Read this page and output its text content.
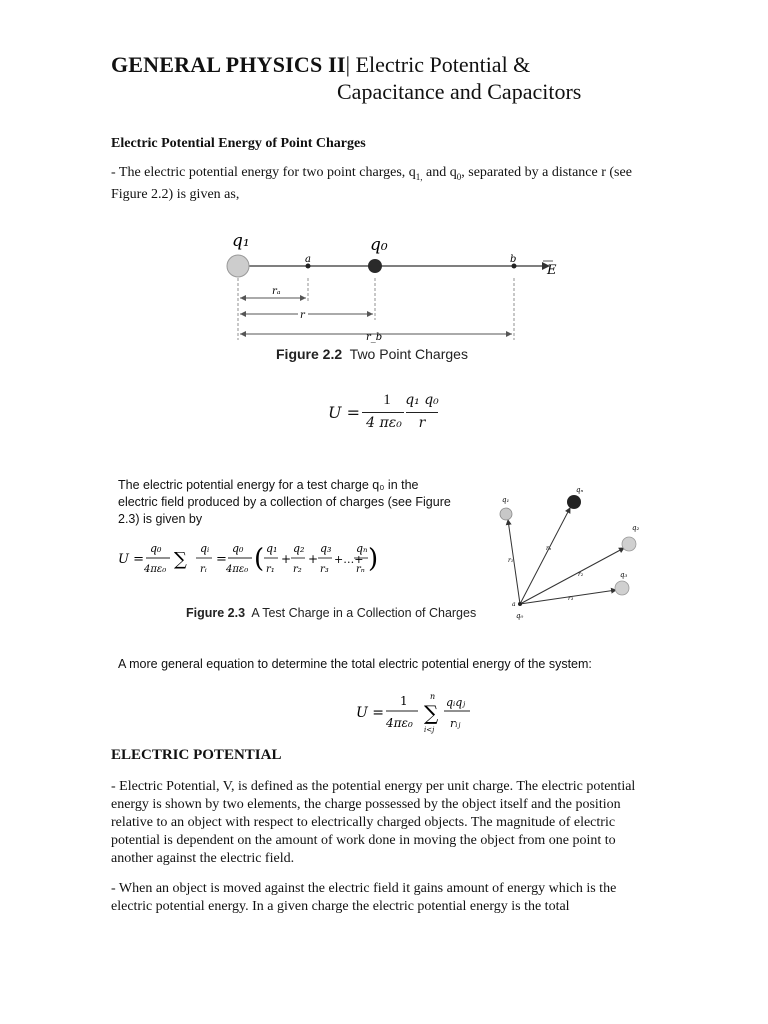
GENERAL PHYSICS II| Electric Potential &
Capacitance and Capacitors
Electric Potential Energy of Point Charges
- The electric potential energy for two point charges, $q_{1,}$ and $q_0$, separated by a distance r (see Figure 2.2) is given as,
q₁	q₀
a	b
E
rₐ
r
r_b
Figure 2.2 Two Point Charges
U =
1
4 πε₀
q₁ q₀
r
The electric potential energy for a test charge q₀ in the
electric field produced by a collection of charges (see Figure
2.3) is given by
U =
q₀
4πε₀ ∑
qᵢ
rᵢ
=
q₀
4πε₀ ( q₁
r₁
+
q₂
r₂
+
q₃
r₃
+…+
qₙ
rₙ )
q₁
qₙ
q₂
q₃
q₀
a
rₙ
r₁
r₂
r₃
Figure 2.3 A Test Charge in a Collection of Charges
A more general equation to determine the total electric potential energy of the system:
U =
1
4πε₀
n
∑
i<j
qᵢqⱼ
rᵢⱼ
ELECTRIC POTENTIAL
- Electric Potential, V, is defined as the potential energy per unit charge. The electric potential energy is shown by two elements, the charge possessed by the object itself and the position relative to an object with respect to electrically charged objects. The magnitude of electric potential is dependent on the amount of work done in moving the object from one point to another against the electric field.
- When an object is moved against the electric field it gains amount of energy which is the electric potential energy. In a given charge the electric potential energy is the total
